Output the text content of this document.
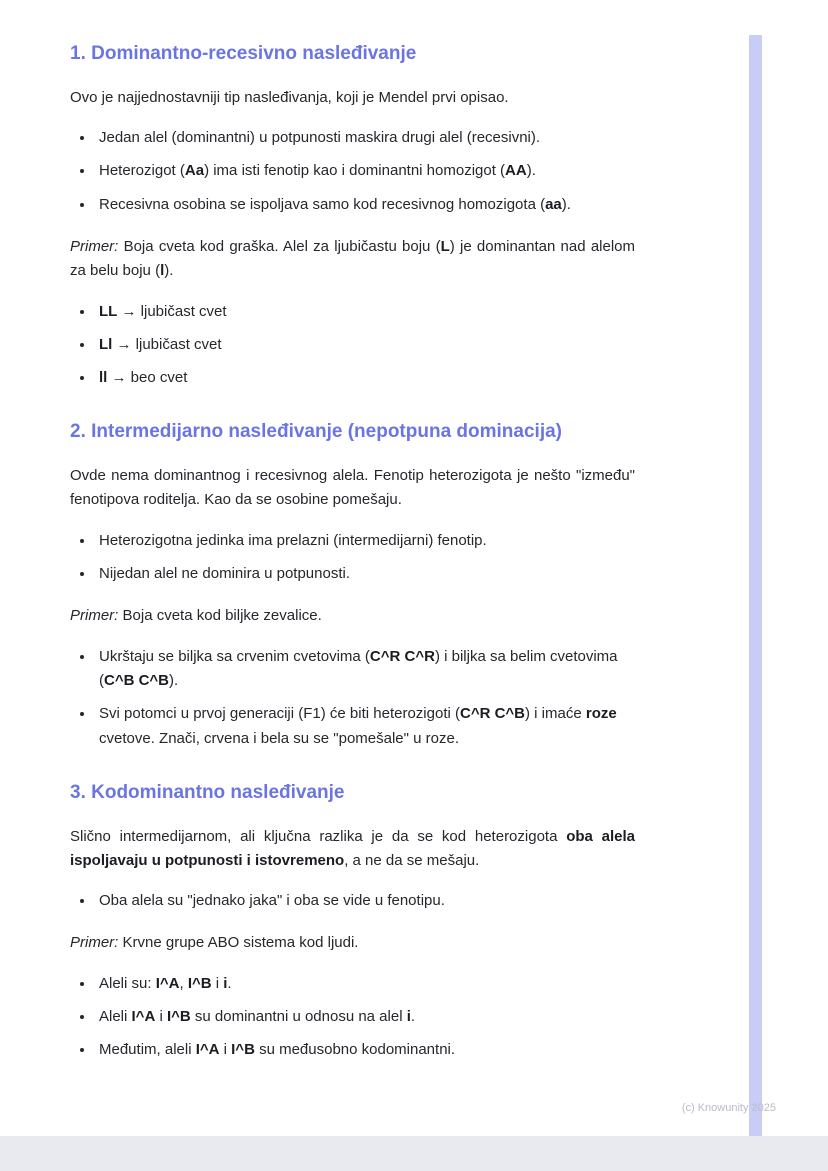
1. Dominantno-recesivno nasleđivanje

Ovo je najjednostavniji tip nasleđivanja, koji je Mendel prvi opisao.

• Jedan alel (dominantni) u potpunosti maskira drugi alel (recesivni).
• Heterozigot (Aa) ima isti fenotip kao i dominantni homozigot (AA).
• Recesivna osobina se ispoljava samo kod recesivnog homozigota (aa).

Primer: Boja cveta kod graška. Alel za ljubičastu boju (L) je dominantan nad alelom za belu boju (l).

• LL → ljubičast cvet
• Ll → ljubičast cvet
• ll → beo cvet
2. Intermedijarno nasleđivanje (nepotpuna dominacija)

Ovde nema dominantnog i recesivnog alela. Fenotip heterozigota je nešto "između" fenotipova roditelja. Kao da se osobine pomešaju.

• Heterozigotna jedinka ima prelazni (intermedijarni) fenotip.
• Nijedan alel ne dominira u potpunosti.

Primer: Boja cveta kod biljke zevalice.

• Ukrštaju se biljka sa crvenim cvetovima (C^R C^R) i biljka sa belim cvetovima (C^B C^B).
• Svi potomci u prvoj generaciji (F1) će biti heterozigoti (C^R C^B) i imaće roze cvetove. Znači, crvena i bela su se "pomešale" u roze.
3. Kodominantno nasleđivanje

Slično intermedijarnom, ali ključna razlika je da se kod heterozigota oba alela ispoljavaju u potpunosti i istovremeno, a ne da se mešaju.

• Oba alela su "jednako jaka" i oba se vide u fenotipu.

Primer: Krvne grupe ABO sistema kod ljudi.

• Aleli su: I^A, I^B i i.
• Aleli I^A i I^B su dominantni u odnosu na alel i.
• Međutim, aleli I^A i I^B su međusobno kodominantni.
(c) Knowunity 2025
